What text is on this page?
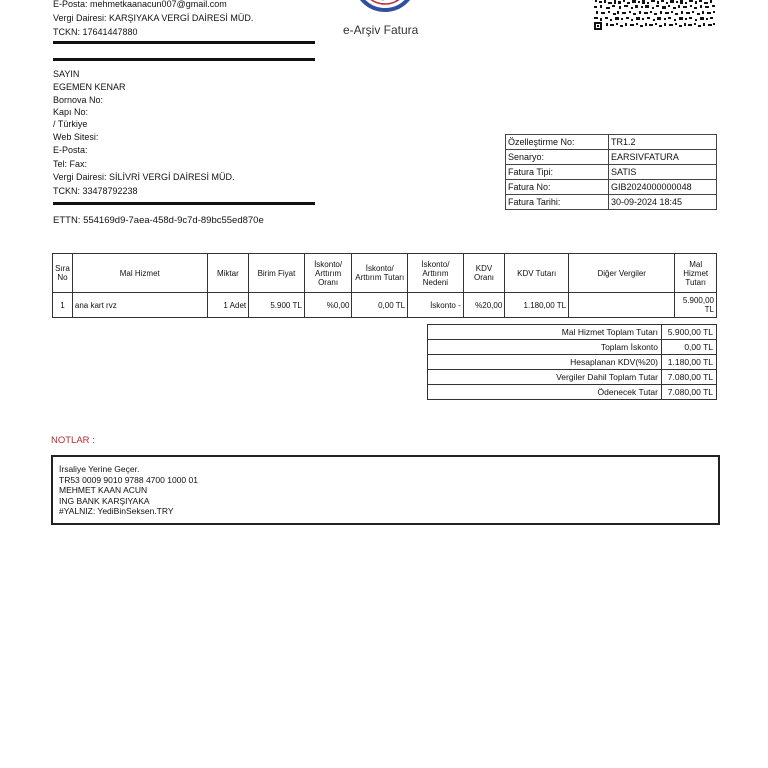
E-Posta: mehmetkaanacun007@gmail.com
Vergi Dairesi: KARŞIYAKA VERGİ DAİRESİ MÜD.
TCKN: 17641447880	e-Arşiv Fatura
SAYIN
EGEMEN KENAR
Bornova No:
Kapı No:
/ Türkiye
Web Sitesi:
E-Posta:
Tel: Fax:
Vergi Dairesi: SİLİVRİ VERGİ DAİRESİ MÜD.
TCKN: 33478792238
ETTN: 554169d9-7aea-458d-9c7d-89bc55ed870e
Özelleştirme No:	TR1.2
Senaryo:	EARSIVFATURA
Fatura Tipi:	SATIS
Fatura No:	GIB2024000000048
Fatura Tarihi:	30-09-2024 18:45
Sıra No	Mal Hizmet	Miktar	Birim Fiyat	İskonto/ Arttırım Oranı	İskonto/ Arttırım Tutarı	İskonto/ Arttırım Nedeni	KDV Oranı	KDV Tutarı	Diğer Vergiler	Mal Hizmet Tutarı
1	ana kart rvz	1 Adet	5.900 TL	%0,00	0,00 TL	İskonto -	%20,00	1.180,00 TL		5.900,00 TL
Mal Hizmet Toplam Tutarı	5.900,00 TL
Toplam İskonto	0,00 TL
Hesaplanan KDV(%20)	1.180,00 TL
Vergiler Dahil Toplam Tutar	7.080,00 TL
Ödenecek Tutar	7.080,00 TL
NOTLAR :
İrsaliye Yerine Geçer.
TR53 0009 9010 9788 4700 1000 01
MEHMET KAAN ACUN
ING BANK KARŞIYAKA
#YALNIZ: YediBinSeksen.TRY
